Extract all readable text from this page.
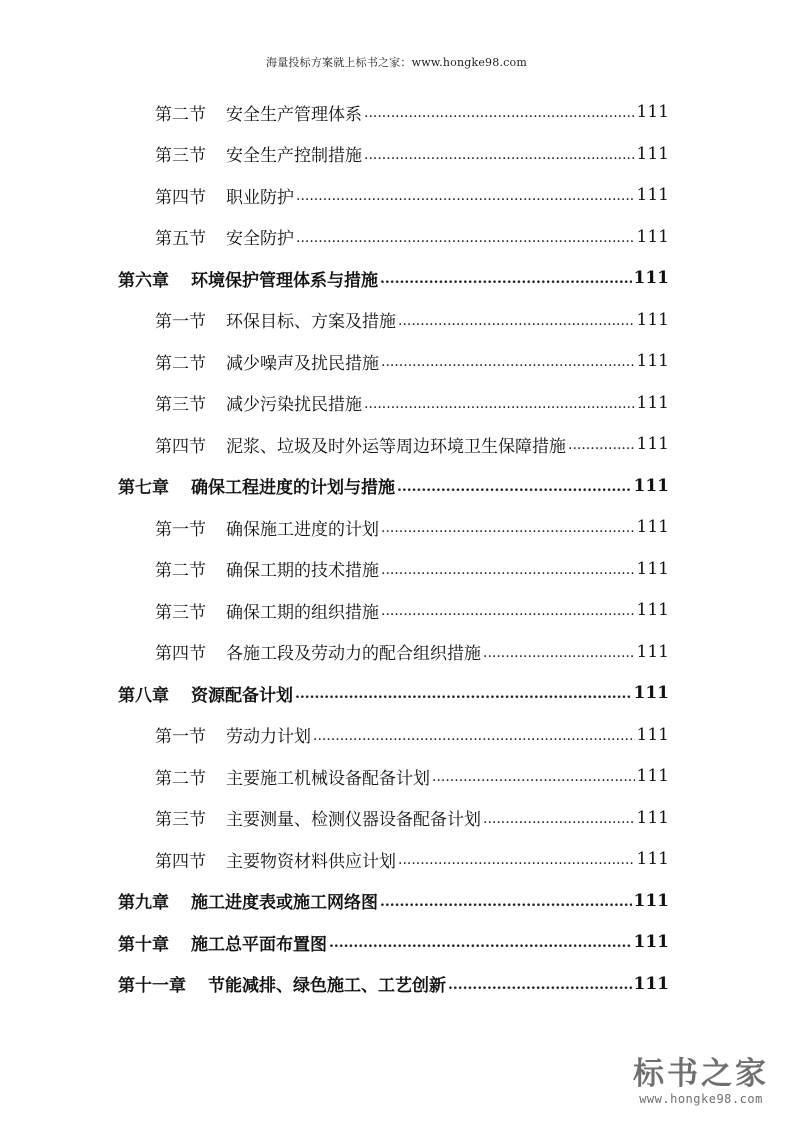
海量投标方案就上标书之家：www.hongke98.com
第二节 安全生产管理体系 .....	111
第三节 安全生产控制措施 .....	111
第四节 职业防护 .....	111
第五节 安全防护 .....	111
第六章 环境保护管理体系与措施 .....	111
第一节 环保目标、方案及措施 .....	111
第二节 减少噪声及扰民措施 .....	111
第三节 减少污染扰民措施 .....	111
第四节 泥浆、垃圾及时外运等周边环境卫生保障措施 .....	111
第七章 确保工程进度的计划与措施 .....	111
第一节 确保施工进度的计划 .....	111
第二节 确保工期的技术措施 .....	111
第三节 确保工期的组织措施 .....	111
第四节 各施工段及劳动力的配合组织措施 .....	111
第八章 资源配备计划 .....	111
第一节 劳动力计划 .....	111
第二节 主要施工机械设备配备计划 .....	111
第三节 主要测量、检测仪器设备配备计划 .....	111
第四节 主要物资材料供应计划 .....	111
第九章 施工进度表或施工网络图 .....	111
第十章 施工总平面布置图 .....	111
第十一章 节能减排、绿色施工、工艺创新 .....	111
标书之家
www.hongke98.com
